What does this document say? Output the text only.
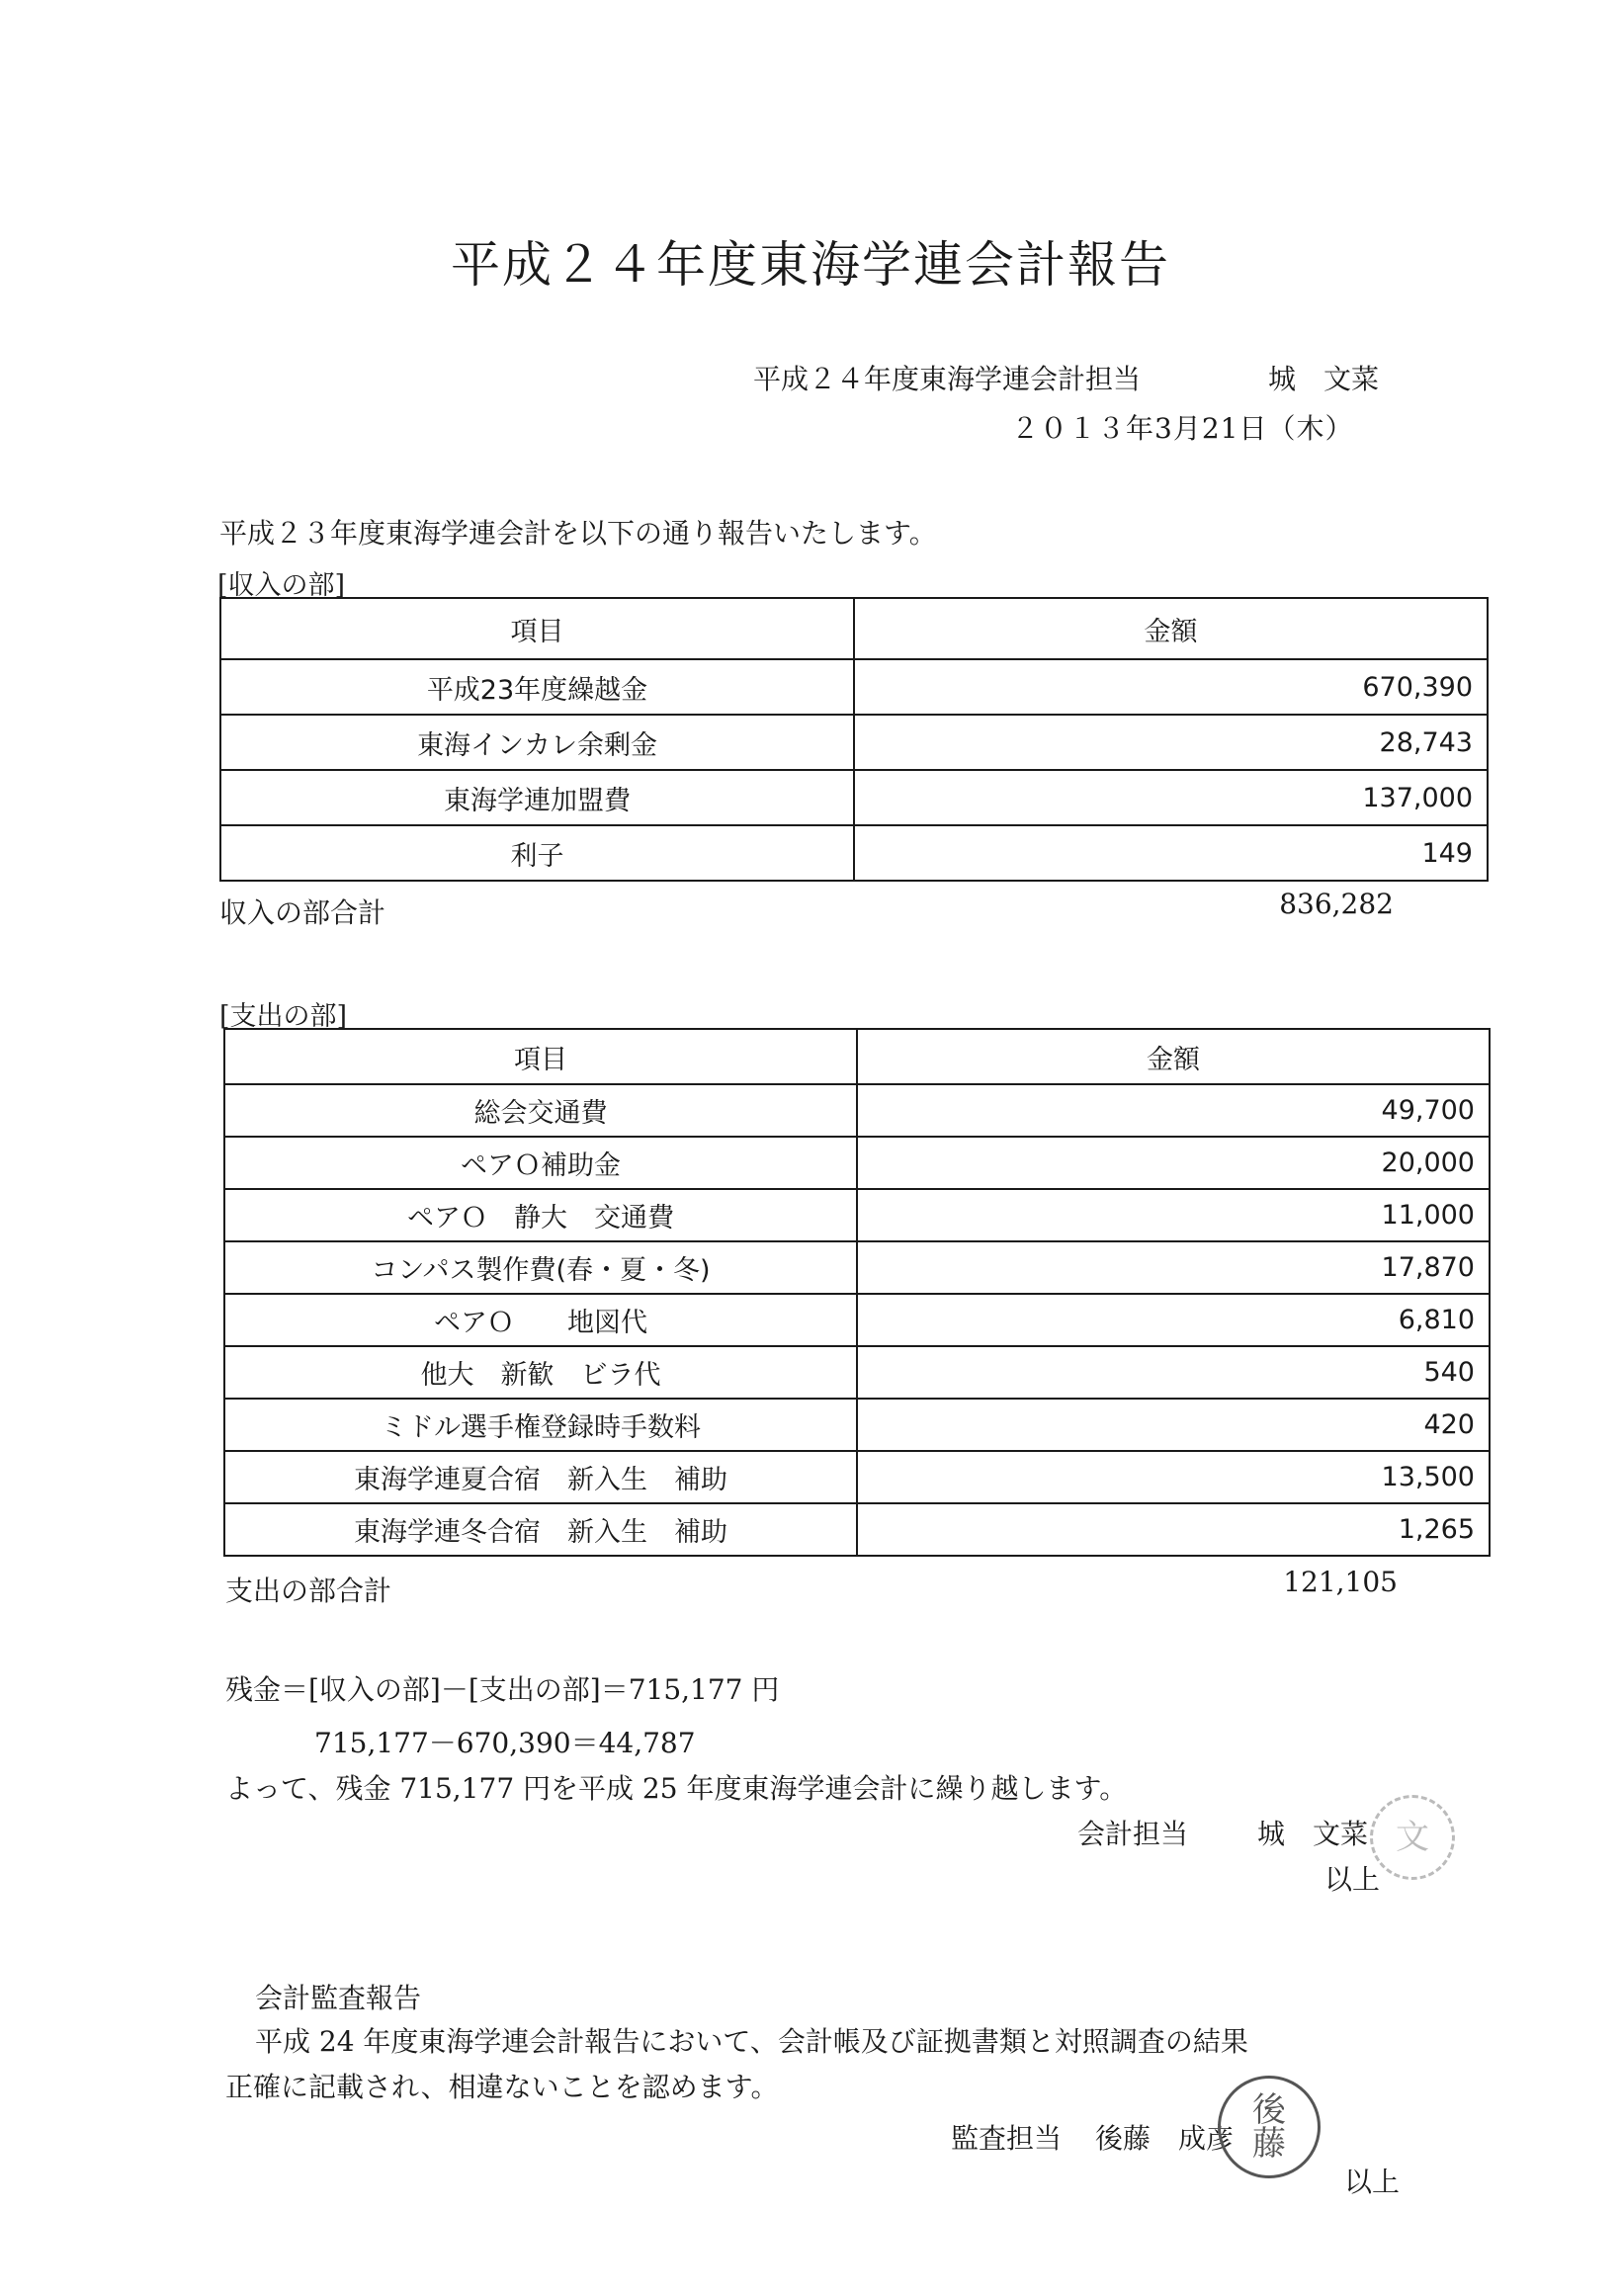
平成２４年度東海学連会計報告
平成２４年度東海学連会計担当	城　文菜
２０１３年3月21日（木）
平成２３年度東海学連会計を以下の通り報告いたします。
[収入の部]
項目	金額
平成23年度繰越金	670,390
東海インカレ余剰金	28,743
東海学連加盟費	137,000
利子	149
収入の部合計	836,282
[支出の部]
項目	金額
総会交通費	49,700
ペアＯ補助金	20,000
ペアＯ　静大　交通費	11,000
コンパス製作費(春・夏・冬)	17,870
ペアＯ　　地図代	6,810
他大　新歓　ビラ代	540
ミドル選手権登録時手数料	420
東海学連夏合宿　新入生　補助	13,500
東海学連冬合宿　新入生　補助	1,265
支出の部合計	121,105
残金＝[収入の部]－[支出の部]＝715,177 円
715,177－670,390＝44,787
よって、残金 715,177 円を平成 25 年度東海学連会計に繰り越します。
会計担当 城　文菜
以上
文
会計監査報告
平成 24 年度東海学連会計報告において、会計帳及び証拠書類と対照調査の結果
正確に記載され、相違ないことを認めます。
監査担当 後藤　成彦
以上
後
藤
